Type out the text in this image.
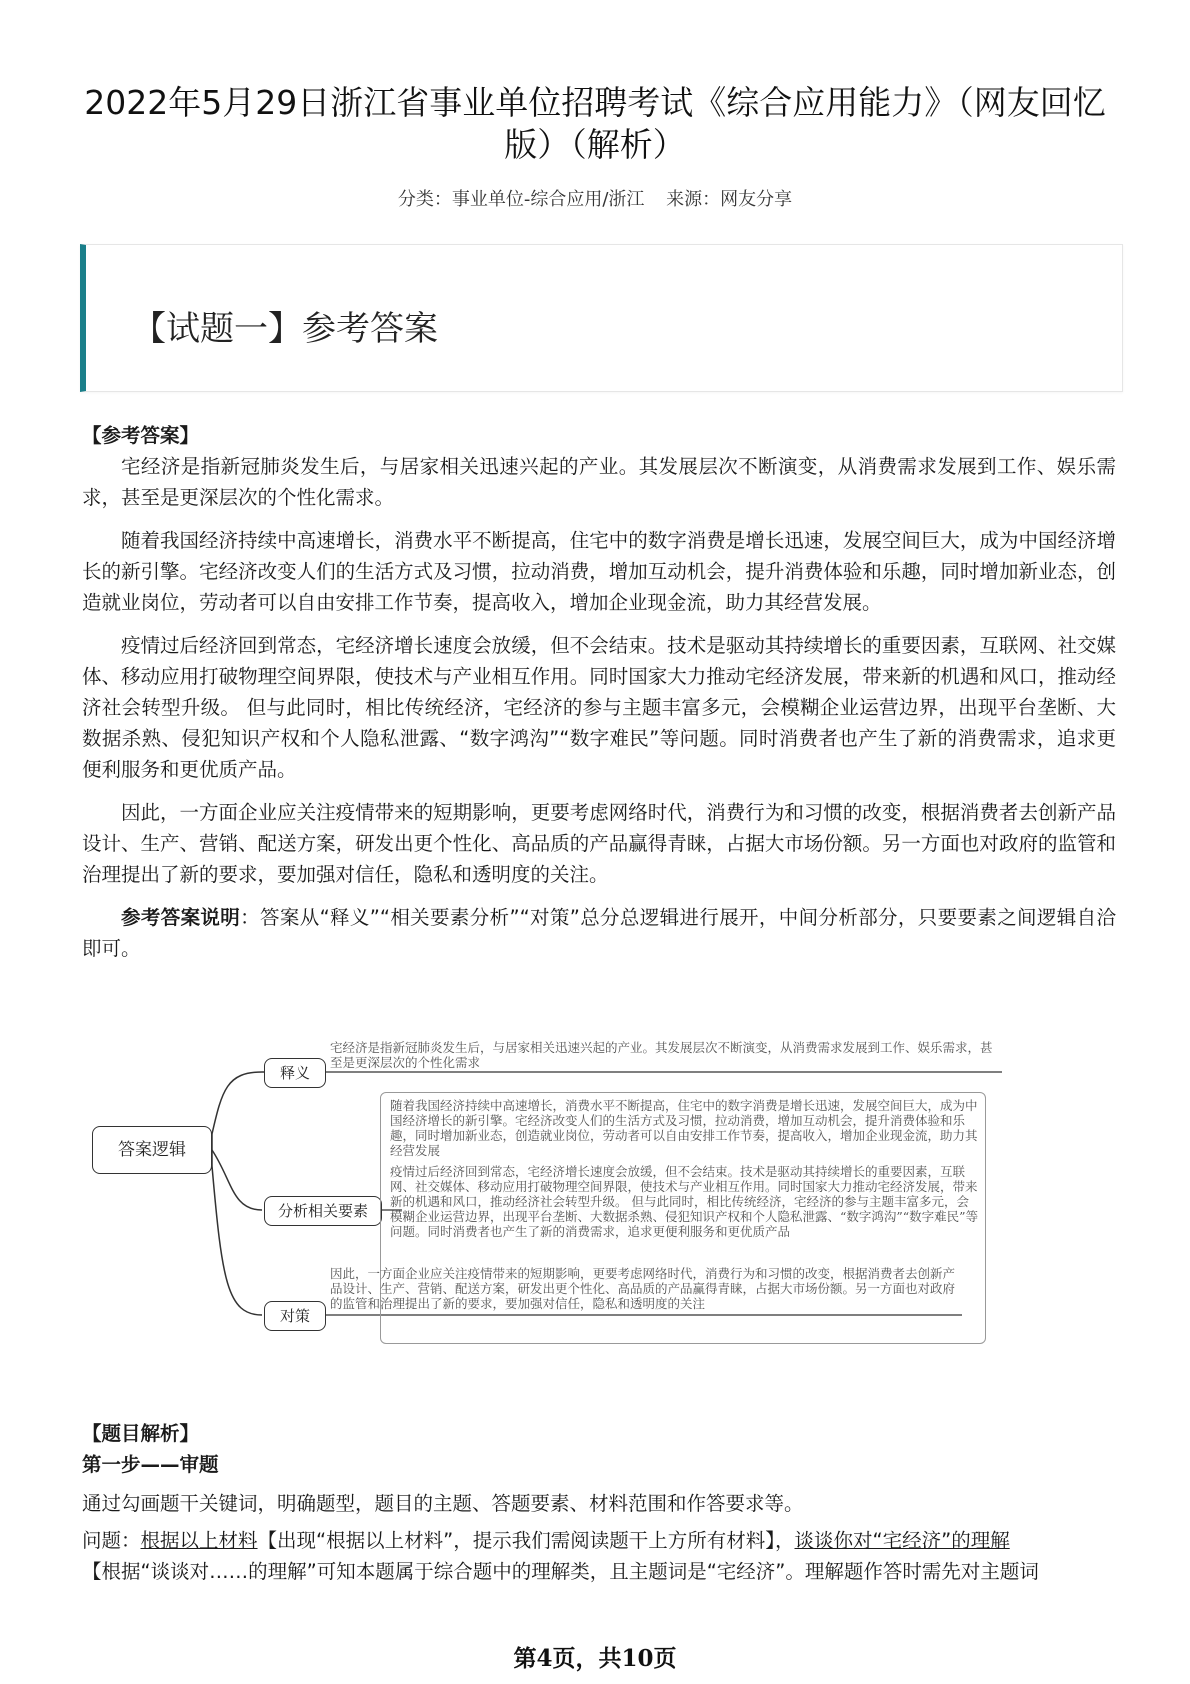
2022年5月29日浙江省事业单位招聘考试《综合应用能力》（网友回忆版）（解析）
分类：事业单位-综合应用/浙江 来源：网友分享
【试题一】参考答案
【参考答案】

宅经济是指新冠肺炎发生后，与居家相关迅速兴起的产业。其发展层次不断演变，从消费需求发展到工作、娱乐需求，甚至是更深层次的个性化需求。

随着我国经济持续中高速增长，消费水平不断提高，住宅中的数字消费是增长迅速，发展空间巨大，成为中国经济增长的新引擎。宅经济改变人们的生活方式及习惯，拉动消费，增加互动机会，提升消费体验和乐趣，同时增加新业态，创造就业岗位，劳动者可以自由安排工作节奏，提高收入，增加企业现金流，助力其经营发展。

疫情过后经济回到常态，宅经济增长速度会放缓，但不会结束。技术是驱动其持续增长的重要因素，互联网、社交媒体、移动应用打破物理空间界限，使技术与产业相互作用。同时国家大力推动宅经济发展，带来新的机遇和风口，推动经济社会转型升级。 但与此同时，相比传统经济，宅经济的参与主题丰富多元，会模糊企业运营边界，出现平台垄断、大数据杀熟、侵犯知识产权和个人隐私泄露、“数字鸿沟”“数字难民”等问题。同时消费者也产生了新的消费需求，追求更便利服务和更优质产品。

因此，一方面企业应关注疫情带来的短期影响，更要考虑网络时代，消费行为和习惯的改变，根据消费者去创新产品设计、生产、营销、配送方案，研发出更个性化、高品质的产品赢得青睐，占据大市场份额。另一方面也对政府的监管和治理提出了新的要求，要加强对信任，隐私和透明度的关注。

参考答案说明：答案从“释义”“相关要素分析”“对策”总分总逻辑进行展开，中间分析部分，只要要素之间逻辑自洽即可。

答案逻辑
释义
分析相关要素
对策
宅经济是指新冠肺炎发生后，与居家相关迅速兴起的产业。其发展层次不断演变，从消费需求发展到工作、娱乐需求，甚至是更深层次的个性化需求
随着我国经济持续中高速增长，消费水平不断提高，住宅中的数字消费是增长迅速，发展空间巨大，成为中国经济增长的新引擎。宅经济改变人们的生活方式及习惯，拉动消费，增加互动机会，提升消费体验和乐趣，同时增加新业态，创造就业岗位，劳动者可以自由安排工作节奏，提高收入，增加企业现金流，助力其经营发展
疫情过后经济回到常态，宅经济增长速度会放缓，但不会结束。技术是驱动其持续增长的重要因素，互联网、社交媒体、移动应用打破物理空间界限，使技术与产业相互作用。同时国家大力推动宅经济发展，带来新的机遇和风口，推动经济社会转型升级。 但与此同时，相比传统经济，宅经济的参与主题丰富多元，会模糊企业运营边界，出现平台垄断、大数据杀熟、侵犯知识产权和个人隐私泄露、“数字鸿沟”“数字难民”等问题。同时消费者也产生了新的消费需求，追求更便利服务和更优质产品
因此，一方面企业应关注疫情带来的短期影响，更要考虑网络时代，消费行为和习惯的改变，根据消费者去创新产品设计、生产、营销、配送方案，研发出更个性化、高品质的产品赢得青睐，占据大市场份额。另一方面也对政府的监管和治理提出了新的要求，要加强对信任，隐私和透明度的关注
【题目解析】
第一步——审题
通过勾画题干关键词，明确题型，题目的主题、答题要素、材料范围和作答要求等。
问题：根据以上材料【出现“根据以上材料”，提示我们需阅读题干上方所有材料】，谈谈你对“宅经济”的理解
【根据“谈谈对……的理解”可知本题属于综合题中的理解类，且主题词是“宅经济”。理解题作答时需先对主题词
第4页，共10页
